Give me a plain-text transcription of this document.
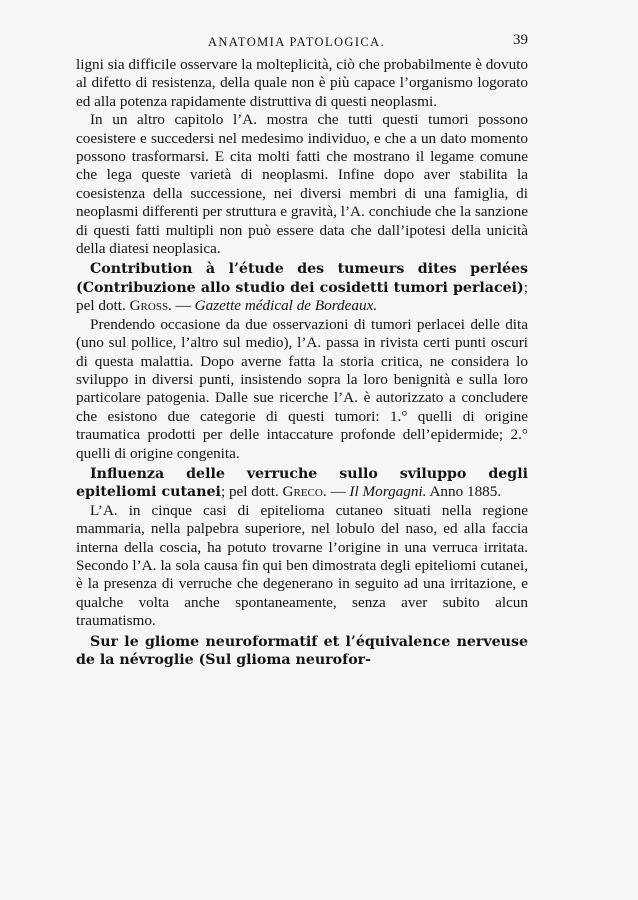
ANATOMIA PATOLOGICA.	39

ligni sia difficile osservare la molteplicità, ciò che probabilmente è dovuto al difetto di resistenza, della quale non è più capace l’organismo logorato ed alla potenza rapidamente distruttiva di questi neoplasmi.

In un altro capitolo l’A. mostra che tutti questi tumori possono coesistere e succedersi nel medesimo individuo, e che a un dato momento possono trasformarsi. E cita molti fatti che mostrano il legame comune che lega queste varietà di neoplasmi. Infine dopo aver stabilita la coesistenza della successione, nei diversi membri di una famiglia, di neoplasmi differenti per struttura e gravità, l’A. conchiude che la sanzione di questi fatti multipli non può essere data che dall’ipotesi della unicità della diatesi neoplasica.

Contribution à l’étude des tumeurs dites perlées (Contribuzione allo studio dei cosidetti tumori perlacei); pel dott. Gross. — Gazette médical de Bordeaux.

Prendendo occasione da due osservazioni di tumori perlacei delle dita (uno sul pollice, l’altro sul medio), l’A. passa in rivista certi punti oscuri di questa malattia. Dopo averne fatta la storia critica, ne considera lo sviluppo in diversi punti, insistendo sopra la loro benignità e sulla loro particolare patogenia. Dalle sue ricerche l’A. è autorizzato a concludere che esistono due categorie di questi tumori: 1.° quelli di origine traumatica prodotti per delle intaccature profonde dell’epidermide; 2.° quelli di origine congenita.

Influenza delle verruche sullo sviluppo degli epiteliomi cutanei; pel dott. Greco. — Il Morgagni. Anno 1885.

L’A. in cinque casi di epitelioma cutaneo situati nella regione mammaria, nella palpebra superiore, nel lobulo del naso, ed alla faccia interna della coscia, ha potuto trovarne l’origine in una verruca irritata. Secondo l’A. la sola causa fin qui ben dimostrata degli epiteliomi cutanei, è la presenza di verruche che degenerano in seguito ad una irritazione, e qualche volta anche spontaneamente, senza aver subito alcun traumatismo.

Sur le gliome neuroformatif et l’équivalence nerveuse de la névroglie (Sul glioma neurofor-
